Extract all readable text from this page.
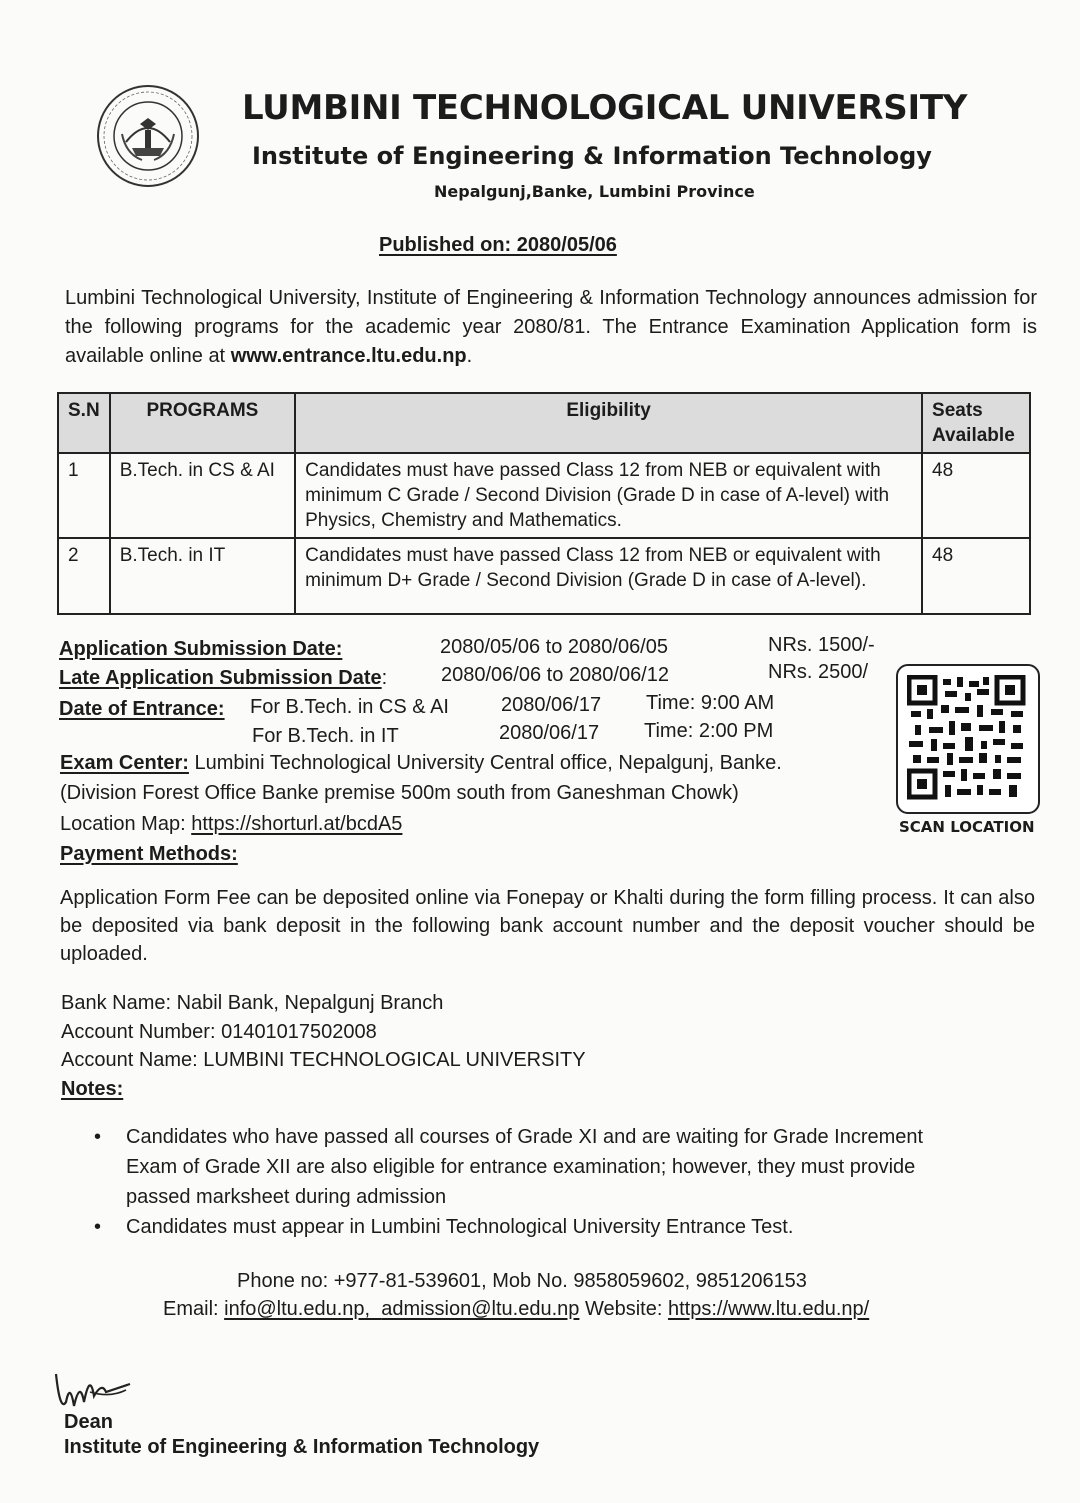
LUMBINI TECHNOLOGICAL UNIVERSITY
Institute of Engineering & Information Technology
Nepalgunj,Banke, Lumbini Province
Published on: 2080/05/06
Lumbini Technological University, Institute of Engineering & Information Technology announces admission for the following programs for the academic year 2080/81. The Entrance Examination Application form is available online at www.entrance.ltu.edu.np.
S.N	PROGRAMS	Eligibility	Seats Available
1	B.Tech. in CS & AI	Candidates must have passed Class 12 from NEB or equivalent with minimum C Grade / Second Division (Grade D in case of A-level) with Physics, Chemistry and Mathematics.	48
2	B.Tech. in IT	Candidates must have passed Class 12 from NEB or equivalent with minimum D+ Grade / Second Division (Grade D in case of A-level).	48
Application Submission Date:	2080/05/06 to 2080/06/05	NRs. 1500/-
Late Application Submission Date:	2080/06/06 to 2080/06/12	NRs. 2500/
Date of Entrance: For B.Tech. in CS & AI	2080/06/17 Time: 9:00 AM
For B.Tech. in IT	2080/06/17 Time: 2:00 PM
Exam Center: Lumbini Technological University Central office, Nepalgunj, Banke.
(Division Forest Office Banke premise 500m south from Ganeshman Chowk)
Location Map: https://shorturl.at/bcdA5	SCAN LOCATION
Payment Methods:
Application Form Fee can be deposited online via Fonepay or Khalti during the form filling process. It can also be deposited via bank deposit in the following bank account number and the deposit voucher should be uploaded.
Bank Name: Nabil Bank, Nepalgunj Branch
Account Number: 01401017502008
Account Name: LUMBINI TECHNOLOGICAL UNIVERSITY
Notes:
• Candidates who have passed all courses of Grade XI and are waiting for Grade Increment Exam of Grade XII are also eligible for entrance examination; however, they must provide passed marksheet during admission
• Candidates must appear in Lumbini Technological University Entrance Test.
Phone no: +977-81-539601, Mob No. 9858059602, 9851206153
Email: info@ltu.edu.np,  admission@ltu.edu.np Website: https://www.ltu.edu.np/
Dean
Institute of Engineering & Information Technology
